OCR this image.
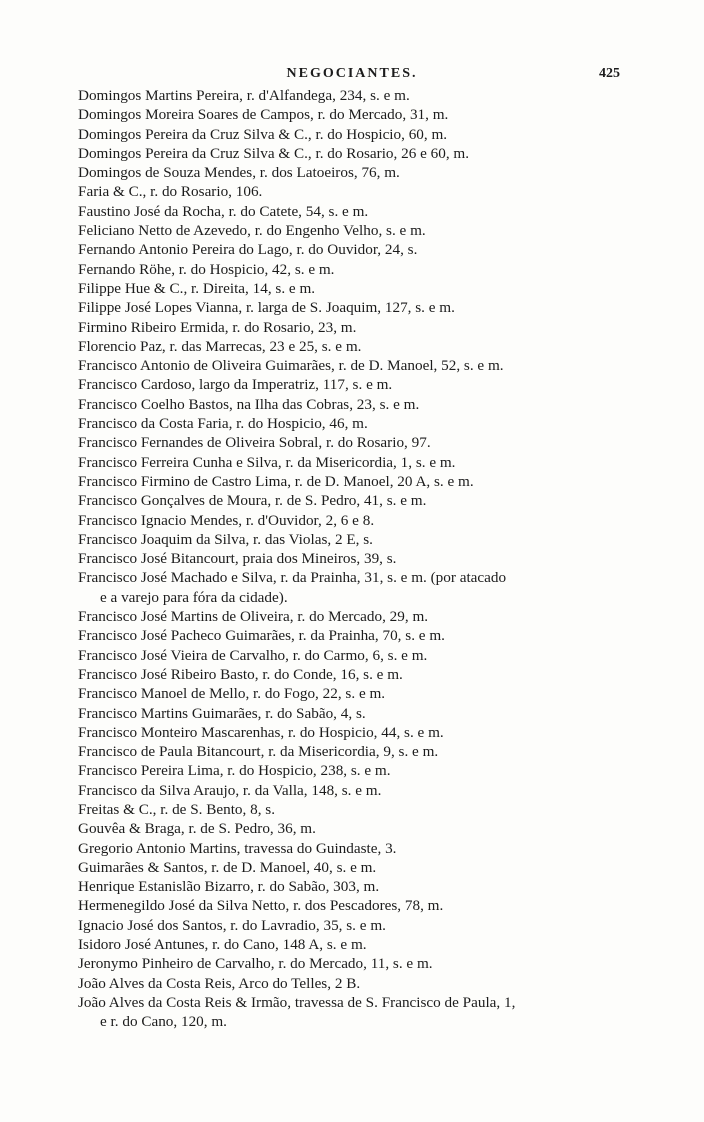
NEGOCIANTES.	425
Domingos Martins Pereira, r. d'Alfandega, 234, s. e m.
Domingos Moreira Soares de Campos, r. do Mercado, 31, m.
Domingos Pereira da Cruz Silva & C., r. do Hospicio, 60, m.
Domingos Pereira da Cruz Silva & C., r. do Rosario, 26 e 60, m.
Domingos de Souza Mendes, r. dos Latoeiros, 76, m.
Faria & C., r. do Rosario, 106.
Faustino José da Rocha, r. do Catete, 54, s. e m.
Feliciano Netto de Azevedo, r. do Engenho Velho, s. e m.
Fernando Antonio Pereira do Lago, r. do Ouvidor, 24, s.
Fernando Röhe, r. do Hospicio, 42, s. e m.
Filippe Hue & C., r. Direita, 14, s. e m.
Filippe José Lopes Vianna, r. larga de S. Joaquim, 127, s. e m.
Firmino Ribeiro Ermida, r. do Rosario, 23, m.
Florencio Paz, r. das Marrecas, 23 e 25, s. e m.
Francisco Antonio de Oliveira Guimarães, r. de D. Manoel, 52, s. e m.
Francisco Cardoso, largo da Imperatriz, 117, s. e m.
Francisco Coelho Bastos, na Ilha das Cobras, 23, s. e m.
Francisco da Costa Faria, r. do Hospicio, 46, m.
Francisco Fernandes de Oliveira Sobral, r. do Rosario, 97.
Francisco Ferreira Cunha e Silva, r. da Misericordia, 1, s. e m.
Francisco Firmino de Castro Lima, r. de D. Manoel, 20 A, s. e m.
Francisco Gonçalves de Moura, r. de S. Pedro, 41, s. e m.
Francisco Ignacio Mendes, r. d'Ouvidor, 2, 6 e 8.
Francisco Joaquim da Silva, r. das Violas, 2 E, s.
Francisco José Bitancourt, praia dos Mineiros, 39, s.
Francisco José Machado e Silva, r. da Prainha, 31, s. e m. (por atacado
e a varejo para fóra da cidade).
Francisco José Martins de Oliveira, r. do Mercado, 29, m.
Francisco José Pacheco Guimarães, r. da Prainha, 70, s. e m.
Francisco José Vieira de Carvalho, r. do Carmo, 6, s. e m.
Francisco José Ribeiro Basto, r. do Conde, 16, s. e m.
Francisco Manoel de Mello, r. do Fogo, 22, s. e m.
Francisco Martins Guimarães, r. do Sabão, 4, s.
Francisco Monteiro Mascarenhas, r. do Hospicio, 44, s. e m.
Francisco de Paula Bitancourt, r. da Misericordia, 9, s. e m.
Francisco Pereira Lima, r. do Hospicio, 238, s. e m.
Francisco da Silva Araujo, r. da Valla, 148, s. e m.
Freitas & C., r. de S. Bento, 8, s.
Gouvêa & Braga, r. de S. Pedro, 36, m.
Gregorio Antonio Martins, travessa do Guindaste, 3.
Guimarães & Santos, r. de D. Manoel, 40, s. e m.
Henrique Estanislão Bizarro, r. do Sabão, 303, m.
Hermenegildo José da Silva Netto, r. dos Pescadores, 78, m.
Ignacio José dos Santos, r. do Lavradio, 35, s. e m.
Isidoro José Antunes, r. do Cano, 148 A, s. e m.
Jeronymo Pinheiro de Carvalho, r. do Mercado, 11, s. e m.
João Alves da Costa Reis, Arco do Telles, 2 B.
João Alves da Costa Reis & Irmão, travessa de S. Francisco de Paula, 1,
e r. do Cano, 120, m.
